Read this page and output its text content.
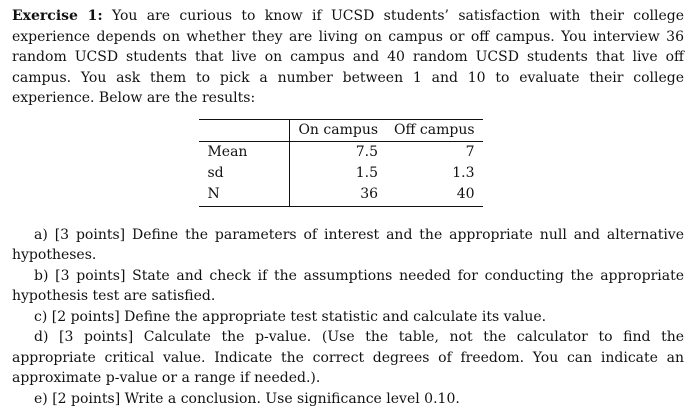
Exercise 1: You are curious to know if UCSD students’ satisfaction with their college experience depends on whether they are living on campus or off campus. You interview 36 random UCSD students that live on campus and 40 random UCSD students that live off campus. You ask them to pick a number between 1 and 10 to evaluate their college experience. Below are the results:

	On campus	Off campus
Mean	7.5	7
sd	1.5	1.3
N	36	40

a) [3 points] Define the parameters of interest and the appropriate null and alternative hypotheses.

b) [3 points] State and check if the assumptions needed for conducting the appropriate hypothesis test are satisfied.

c) [2 points] Define the appropriate test statistic and calculate its value.

d) [3 points] Calculate the p-value. (Use the table, not the calculator to find the appropriate critical value. Indicate the correct degrees of freedom. You can indicate an approximate p-value or a range if needed.).

e) [2 points] Write a conclusion. Use significance level 0.10.
